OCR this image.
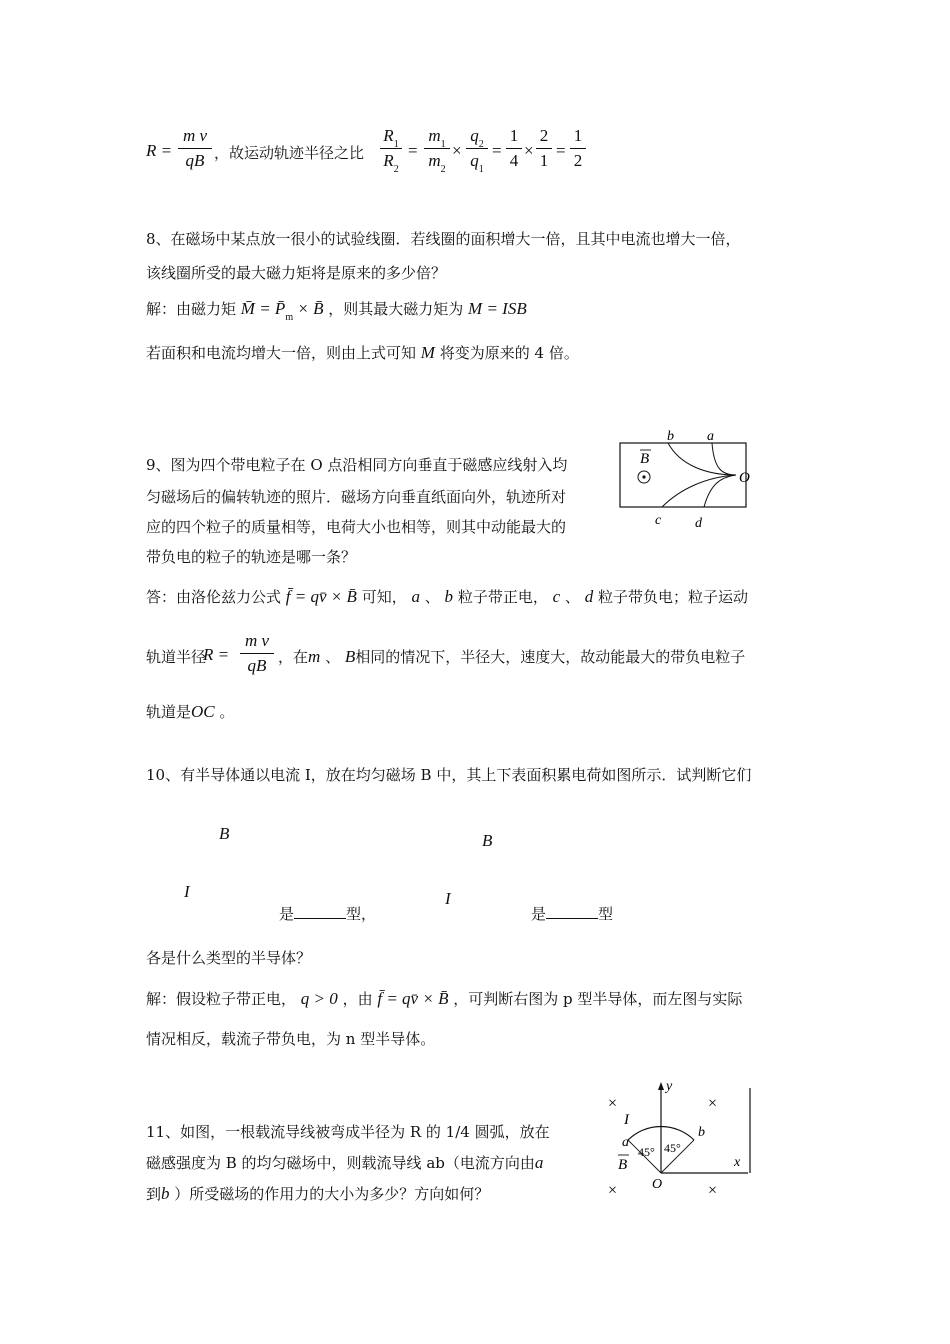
$R = \frac{\text{m v}}{qB}$ ，故运动轨迹半径之比 $\frac{R_1}{R_2} = \frac{m_1}{m_2} \times \frac{q_2}{q_1} = \frac{1}{4} \times \frac{2}{1} = \frac{1}{2}$
8、在磁场中某点放一很小的试验线圈．若线圈的面积增大一倍，且其中电流也增大一倍，
该线圈所受的最大磁力矩将是原来的多少倍？
解：由磁力矩 M̄ = $P̄_m$ × B̄ ，则其最大磁力矩为 M = ISB
若面积和电流均增大一倍，则由上式可知 M 将变为原来的 4 倍。
9、图为四个带电粒子在 O 点沿相同方向垂直于磁感应线射入均
匀磁场后的偏转轨迹的照片．磁场方向垂直纸面向外，轨迹所对
应的四个粒子的质量相等，电荷大小也相等，则其中动能最大的
带负电的粒子的轨迹是哪一条？
b a
B
O
c d
答：由洛伦兹力公式 f̄ = qv̄ × B̄ 可知， a 、 b 粒子带正电， c 、 d 粒子带负电；粒子运动
轨道半径
$R = \frac{\text{m v}}{qB}$ ，在m 、 B相同的情况下，半径大，速度大，故动能最大的带负电粒子
轨道是OC 。
10、有半导体通以电流 I，放在均匀磁场 B 中，其上下表面积累电荷如图所示．试判断它们
B
I
B
I
是	型，	是	型
各是什么类型的半导体？
解：假设粒子带正电， q > 0 ，由 f̄ = qv̄ × B̄ ，可判断右图为 p 型半导体，而左图与实际
情况相反，载流子带负电，为 n 型半导体。
11、如图，一根载流导线被弯成半径为 R 的 1/4 圆弧，放在
磁感强度为 B 的均匀磁场中，则载流导线 ab（电流方向由a
到b ）所受磁场的作用力的大小为多少？方向如何？
×	×
×	×
y
x
O
I
a
b
B
45° 45°
